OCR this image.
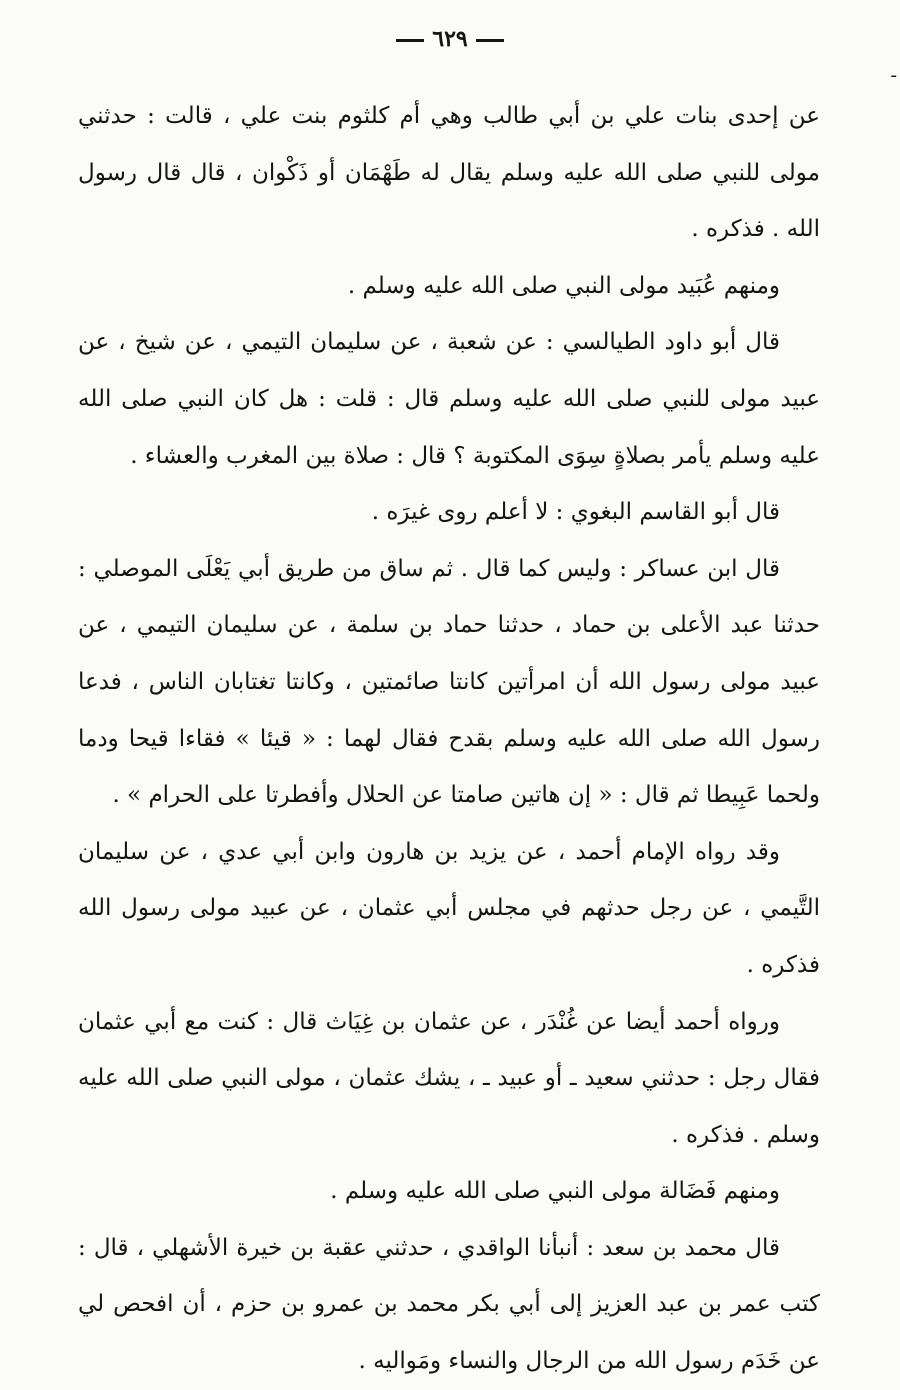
٦٢٩
ـ

عن إحدى بنات علي بن أبي طالب وهي أم كلثوم بنت علي ، قالت : حدثني مولى للنبي صلى الله عليه وسلم يقال له طَهْمَان أو ذَكْوان ، قال قال رسول الله . فذكره .

ومنهم عُبَيد مولى النبي صلى الله عليه وسلم .

قال أبو داود الطيالسي : عن شعبة ، عن سليمان التيمي ، عن شيخ ، عن عبيد مولى للنبي صلى الله عليه وسلم قال : قلت : هل كان النبي صلى الله عليه وسلم يأمر بصلاةٍ سِوَى المكتوبة ؟ قال : صلاة بين المغرب والعشاء .

قال أبو القاسم البغوي : لا أعلم روى غيرَه .

قال ابن عساكر : وليس كما قال . ثم ساق من طريق أبي يَعْلَى الموصلي : حدثنا عبد الأعلى بن حماد ، حدثنا حماد بن سلمة ، عن سليمان التيمي ، عن عبيد مولى رسول الله أن امرأتين كانتا صائمتين ، وكانتا تغتابان الناس ، فدعا رسول الله صلى الله عليه وسلم بقدح فقال لهما : « قيئا » فقاءا قيحا ودما ولحما عَبِيطا ثم قال : « إن هاتين صامتا عن الحلال وأفطرتا على الحرام » .

وقد رواه الإمام أحمد ، عن يزيد بن هارون وابن أبي عدي ، عن سليمان التَّيمي ، عن رجل حدثهم في مجلس أبي عثمان ، عن عبيد مولى رسول الله فذكره .

ورواه أحمد أيضا عن غُنْدَر ، عن عثمان بن غِيَاث قال : كنت مع أبي عثمان فقال رجل : حدثني سعيد ـ أو عبيد ـ ، يشك عثمان ، مولى النبي صلى الله عليه وسلم . فذكره .

ومنهم فَضَالة مولى النبي صلى الله عليه وسلم .

قال محمد بن سعد : أنبأنا الواقدي ، حدثني عقبة بن خيرة الأشهلي ، قال : كتب عمر بن عبد العزيز إلى أبي بكر محمد بن عمرو بن حزم ، أن افحص لي عن خَدَم رسول الله من الرجال والنساء ومَواليه .
